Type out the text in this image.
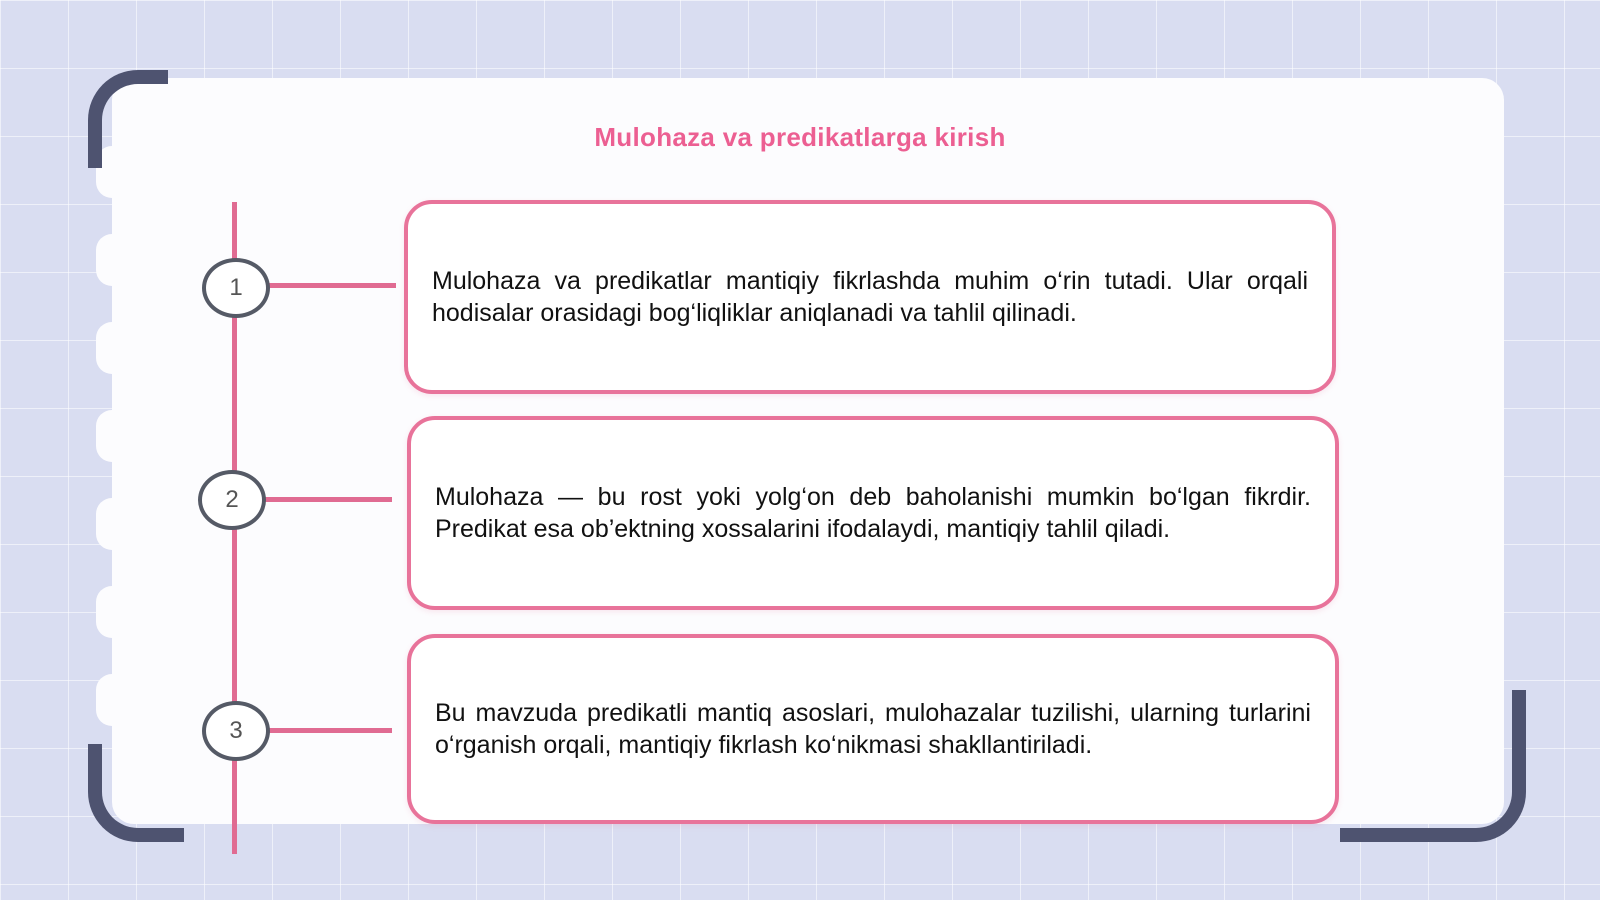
Mulohaza va predikatlarga kirish
1	Mulohaza va predikatlar mantiqiy fikrlashda muhim o‘rin tutadi. Ular orqali hodisalar orasidagi bog‘liqliklar aniqlanadi va tahlil qilinadi.

2	Mulohaza — bu rost yoki yolg‘on deb baholanishi mumkin bo‘lgan fikrdir. Predikat esa ob’ektning xossalarini ifodalaydi, mantiqiy tahlil qiladi.

3

Bu mavzuda predikatli mantiq asoslari, mulohazalar tuzilishi, ularning turlarini o‘rganish orqali, mantiqiy fikrlash ko‘nikmasi shakllantiriladi.
